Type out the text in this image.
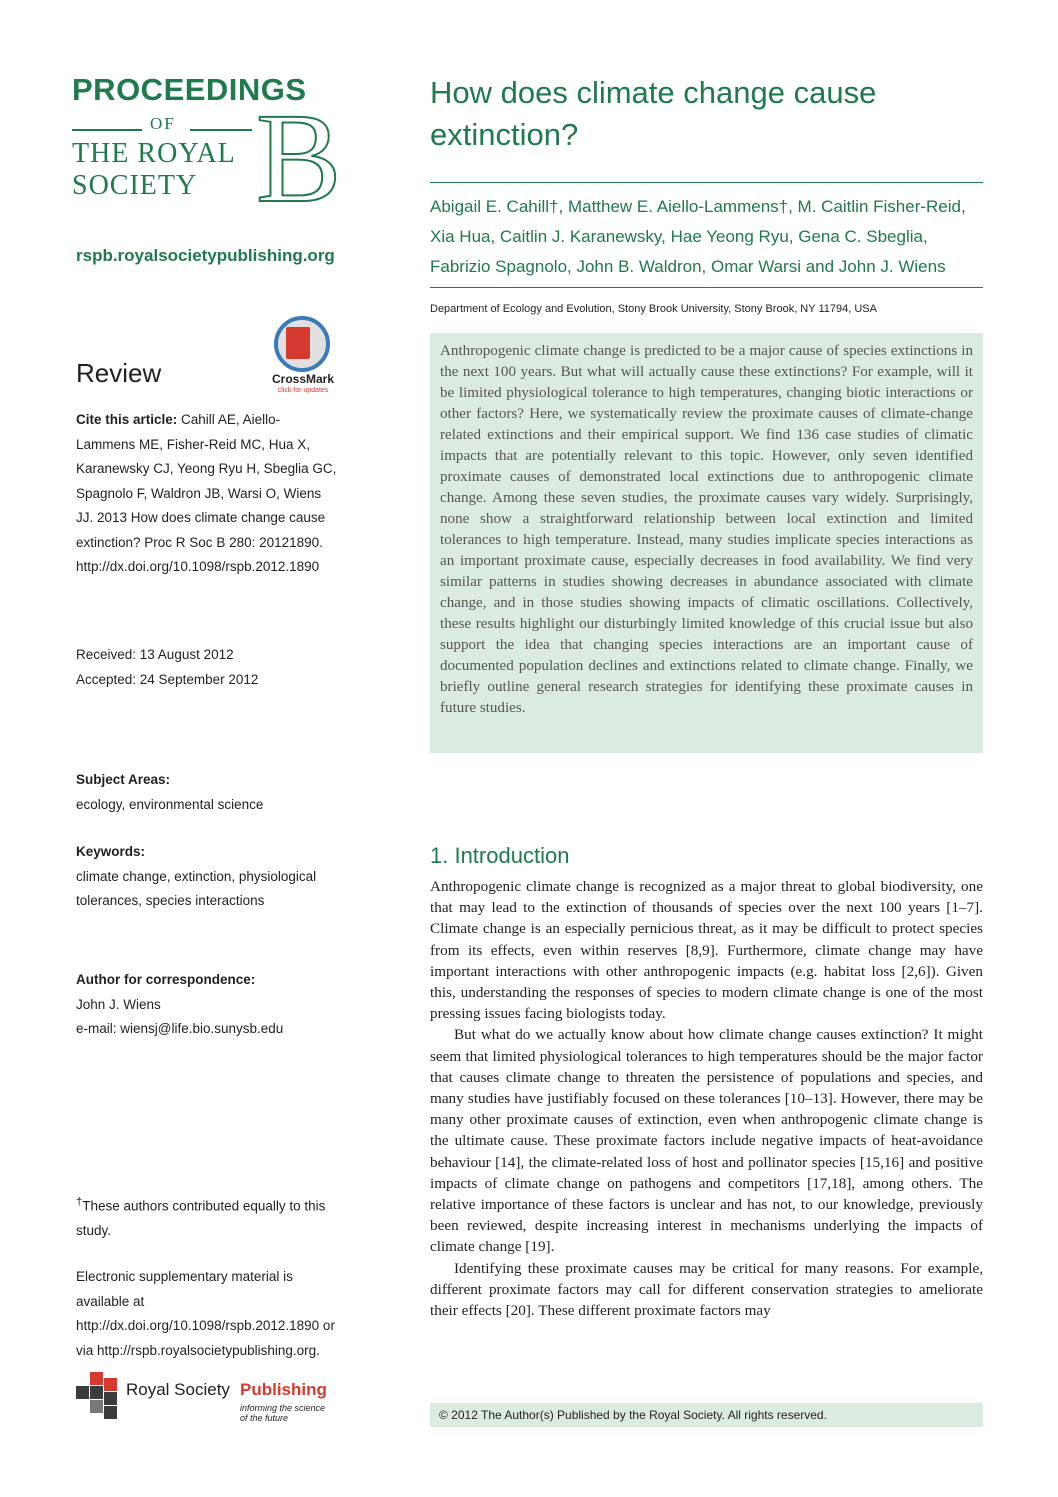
PROCEEDINGS
OF
THE ROYAL
SOCIETY B
rspb.royalsocietypublishing.org
Review	CrossMark
click for updates
Cite this article: Cahill AE, Aiello-Lammens ME, Fisher-Reid MC, Hua X, Karanewsky CJ, Yeong Ryu H, Sbeglia GC, Spagnolo F, Waldron JB, Warsi O, Wiens JJ. 2013 How does climate change cause extinction? Proc R Soc B 280: 20121890.
http://dx.doi.org/10.1098/rspb.2012.1890
Received: 13 August 2012
Accepted: 24 September 2012
Subject Areas:
ecology, environmental science
Keywords:
climate change, extinction, physiological
tolerances, species interactions
Author for correspondence:
John J. Wiens
e-mail: wiensj@life.bio.sunysb.edu
†These authors contributed equally to this study.
Electronic supplementary material is available at http://dx.doi.org/10.1098/rspb.2012.1890 or via http://rspb.royalsocietypublishing.org.
How does climate change cause extinction?
Abigail E. Cahill†, Matthew E. Aiello-Lammens†, M. Caitlin Fisher-Reid,
Xia Hua, Caitlin J. Karanewsky, Hae Yeong Ryu, Gena C. Sbeglia,
Fabrizio Spagnolo, John B. Waldron, Omar Warsi and John J. Wiens
Department of Ecology and Evolution, Stony Brook University, Stony Brook, NY 11794, USA

Anthropogenic climate change is predicted to be a major cause of species extinctions in the next 100 years. But what will actually cause these extinctions? For example, will it be limited physiological tolerance to high temperatures, changing biotic interactions or other factors? Here, we systematically review the proximate causes of climate-change related extinctions and their empirical support. We find 136 case studies of climatic impacts that are potentially relevant to this topic. However, only seven identified proximate causes of demonstrated local extinctions due to anthropogenic climate change. Among these seven studies, the proximate causes vary widely. Surprisingly, none show a straightforward relationship between local extinction and limited tolerances to high temperature. Instead, many studies implicate species interactions as an important proximate cause, especially decreases in food availability. We find very similar patterns in studies showing decreases in abundance associated with climate change, and in those studies showing impacts of climatic oscillations. Collectively, these results highlight our disturbingly limited knowledge of this crucial issue but also support the idea that changing species interactions are an important cause of documented population declines and extinctions related to climate change. Finally, we briefly outline general research strategies for identifying these proximate causes in future studies.

1. Introduction

Anthropogenic climate change is recognized as a major threat to global biodiversity, one that may lead to the extinction of thousands of species over the next 100 years [1–7]. Climate change is an especially pernicious threat, as it may be difficult to protect species from its effects, even within reserves [8,9]. Furthermore, climate change may have important interactions with other anthropogenic impacts (e.g. habitat loss [2,6]). Given this, understanding the responses of species to modern climate change is one of the most pressing issues facing biologists today.

But what do we actually know about how climate change causes extinction? It might seem that limited physiological tolerances to high temperatures should be the major factor that causes climate change to threaten the persistence of populations and species, and many studies have justifiably focused on these tolerances [10–13]. However, there may be many other proximate causes of extinction, even when anthropogenic climate change is the ultimate cause. These proximate factors include negative impacts of heat-avoidance behaviour [14], the climate-related loss of host and pollinator species [15,16] and positive impacts of climate change on pathogens and competitors [17,18], among others. The relative importance of these factors is unclear and has not, to our knowledge, previously been reviewed, despite increasing interest in mechanisms underlying the impacts of climate change [19].

Identifying these proximate causes may be critical for many reasons. For example, different proximate factors may call for different conservation strategies to ameliorate their effects [20]. These different proximate factors may

© 2012 The Author(s) Published by the Royal Society. All rights reserved.
Royal Society Publishing
informing the science of the future
